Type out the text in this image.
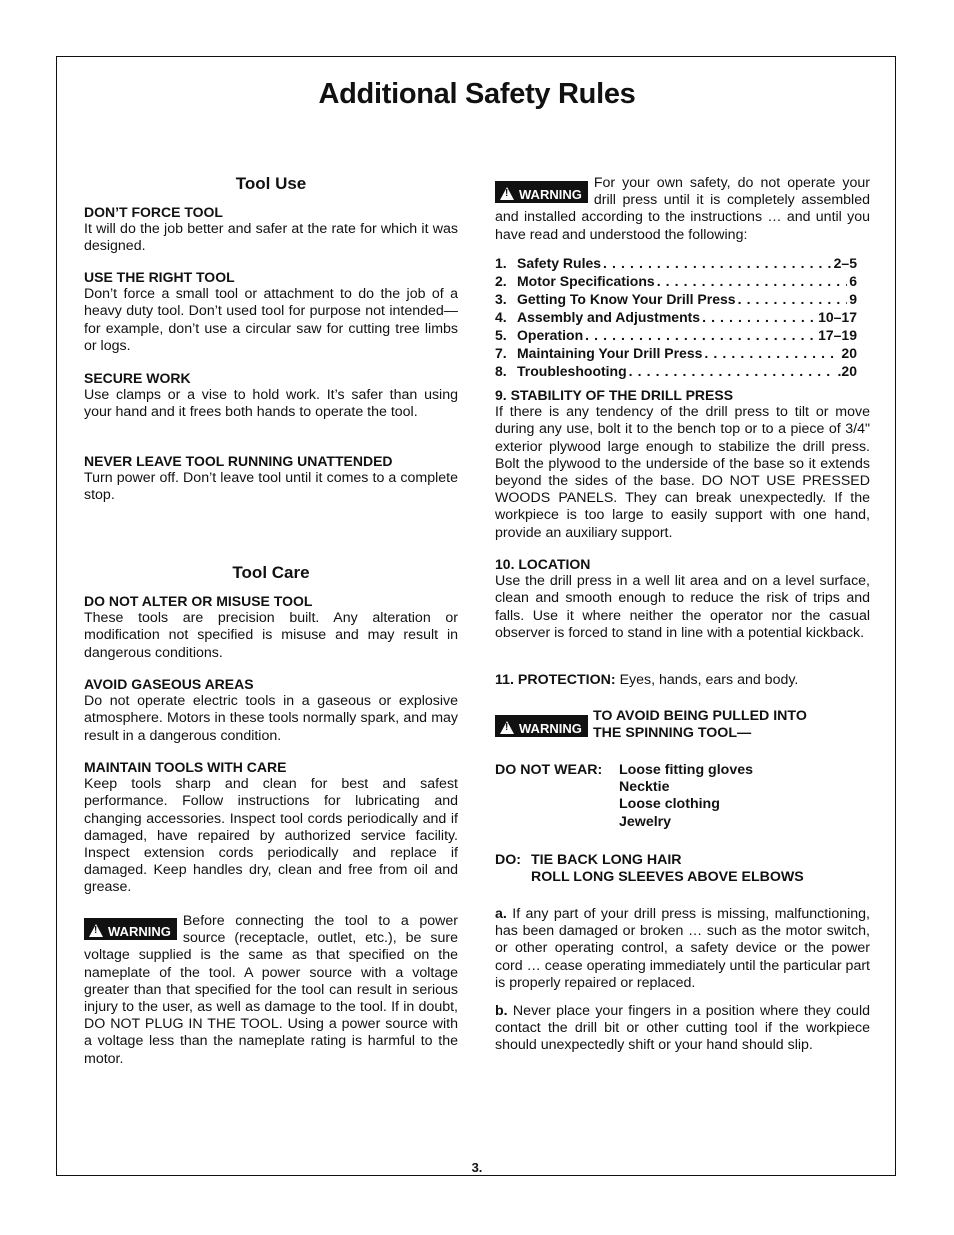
Additional Safety Rules
Tool Use

DON’T FORCE TOOL

It will do the job better and safer at the rate for which it was designed.

USE THE RIGHT TOOL

Don’t force a small tool or attachment to do the job of a heavy duty tool. Don’t used tool for purpose not intended—for example, don’t use a circular saw for cutting tree limbs or logs.

SECURE WORK

Use clamps or a vise to hold work. It’s safer than using your hand and it frees both hands to operate the tool.

NEVER LEAVE TOOL RUNNING UNATTENDED

Turn power off. Don’t leave tool until it comes to a complete stop.

Tool Care

DO NOT ALTER OR MISUSE TOOL

These tools are precision built. Any alteration or modification not specified is misuse and may result in dangerous conditions.

AVOID GASEOUS AREAS

Do not operate electric tools in a gaseous or explosive atmosphere. Motors in these tools normally spark, and may result in a dangerous condition.

MAINTAIN TOOLS WITH CARE

Keep tools sharp and clean for best and safest performance. Follow instructions for lubricating and changing accessories. Inspect tool cords periodically and if damaged, have repaired by authorized service facility. Inspect extension cords periodically and replace if damaged. Keep handles dry, clean and free from oil and grease.

! WARNING
Before connecting the tool to a power source (receptacle, outlet, etc.), be sure voltage supplied is the same as that specified on the nameplate of the tool. A power source with a voltage greater than that specified for the tool can result in serious injury to the user, as well as damage to the tool. If in doubt, DO NOT PLUG IN THE TOOL. Using a power source with a voltage less than the nameplate rating is harmful to the motor.
! WARNING
For your own safety, do not operate your drill press until it is completely assembled and installed according to the instructions … and until you have read and understood the following:
1. Safety Rules . . .	2–5
2. Motor Specifications . . .	6
3. Getting To Know Your Drill Press . . .	9
4. Assembly and Adjustments . . .	10–17
5. Operation . . .	17–19
7. Maintaining Your Drill Press . . .	20
8. Troubleshooting . . .	.20

9. STABILITY OF THE DRILL PRESS

If there is any tendency of the drill press to tilt or move during any use, bolt it to the bench top or to a piece of 3/4" exterior plywood large enough to stabilize the drill press. Bolt the plywood to the underside of the base so it extends beyond the sides of the base. DO NOT USE PRESSED WOODS PANELS. They can break unexpectedly. If the workpiece is too large to easily support with one hand, provide an auxiliary support.

10. LOCATION

Use the drill press in a well lit area and on a level surface, clean and smooth enough to reduce the risk of trips and falls. Use it where neither the operator nor the casual observer is forced to stand in line with a potential kickback.

11. PROTECTION: Eyes, hands, ears and body.
! WARNING
TO AVOID BEING PULLED INTO
THE SPINNING TOOL—
DO NOT WEAR:	Loose fitting gloves
Necktie
Loose clothing
Jewelry
DO: TIE BACK LONG HAIR
ROLL LONG SLEEVES ABOVE ELBOWS
a. If any part of your drill press is missing, malfunctioning, has been damaged or broken … such as the motor switch, or other operating control, a safety device or the power cord … cease operating immediately until the particular part is properly repaired or replaced.
b. Never place your fingers in a position where they could contact the drill bit or other cutting tool if the workpiece should unexpectedly shift or your hand should slip.
3.
